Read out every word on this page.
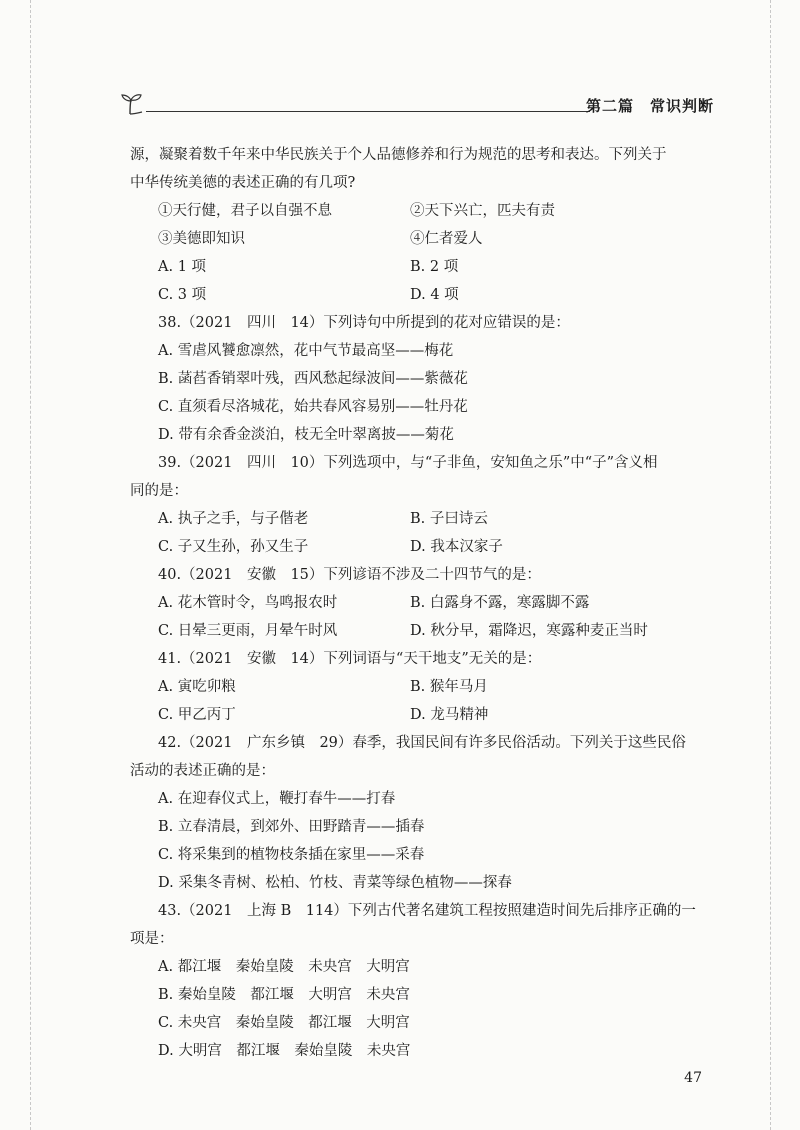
第二篇　常识判断
源，凝聚着数千年来中华民族关于个人品德修养和行为规范的思考和表达。下列关于
中华传统美德的表述正确的有几项?
①天行健，君子以自强不息	②天下兴亡，匹夫有责
③美德即知识	④仁者爱人
A. 1 项	B. 2 项
C. 3 项	D. 4 项
38.（2021　四川　14）下列诗句中所提到的花对应错误的是：
A. 雪虐风饕愈凛然，花中气节最高坚——梅花
B. 菡萏香销翠叶残，西风愁起绿波间——紫薇花
C. 直须看尽洛城花，始共春风容易别——牡丹花
D. 带有余香金淡泊，枝无全叶翠离披——菊花
39.（2021　四川　10）下列选项中，与“子非鱼，安知鱼之乐”中“子”含义相
同的是：
A. 执子之手，与子偕老	B. 子曰诗云
C. 子又生孙，孙又生子	D. 我本汉家子
40.（2021　安徽　15）下列谚语不涉及二十四节气的是：
A. 花木管时令，鸟鸣报农时	B. 白露身不露，寒露脚不露
C. 日晕三更雨，月晕午时风	D. 秋分早，霜降迟，寒露种麦正当时
41.（2021　安徽　14）下列词语与“天干地支”无关的是：
A. 寅吃卯粮	B. 猴年马月
C. 甲乙丙丁	D. 龙马精神
42.（2021　广东乡镇　29）春季，我国民间有许多民俗活动。下列关于这些民俗
活动的表述正确的是：
A. 在迎春仪式上，鞭打春牛——打春
B. 立春清晨，到郊外、田野踏青——插春
C. 将采集到的植物枝条插在家里——采春
D. 采集冬青树、松柏、竹枝、青菜等绿色植物——探春
43.（2021　上海 B　114）下列古代著名建筑工程按照建造时间先后排序正确的一
项是：
A. 都江堰　秦始皇陵　未央宫　大明宫
B. 秦始皇陵　都江堰　大明宫　未央宫
C. 未央宫　秦始皇陵　都江堰　大明宫
D. 大明宫　都江堰　秦始皇陵　未央宫
47
